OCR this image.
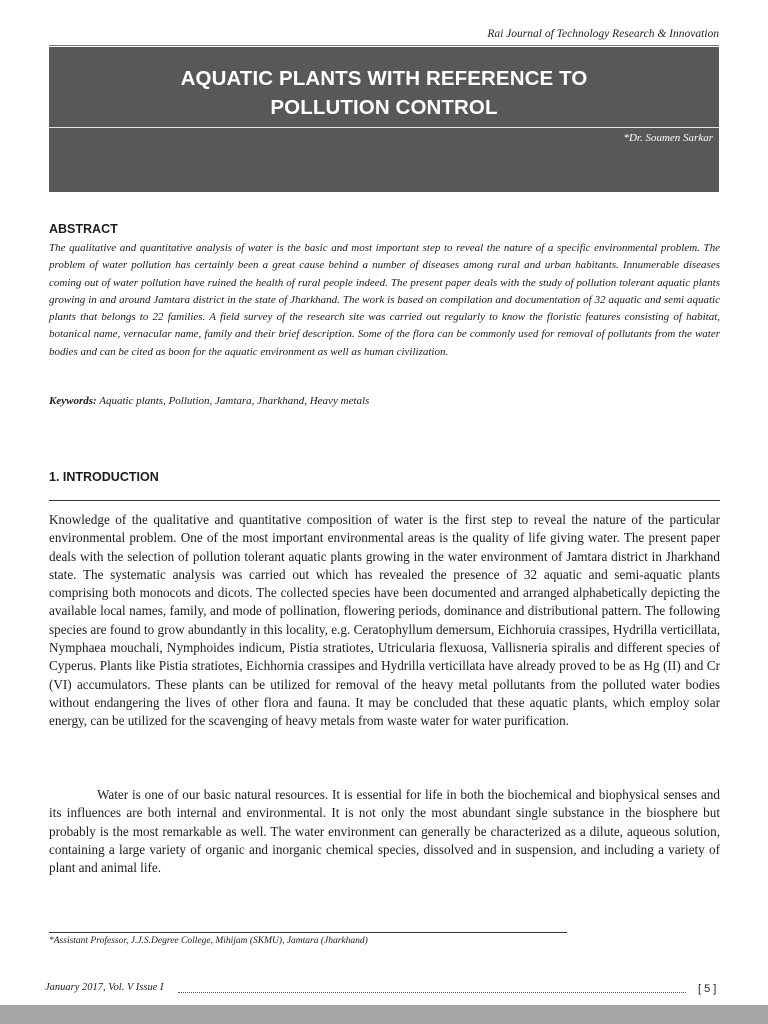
Rai Journal of Technology Research & Innovation
AQUATIC PLANTS WITH REFERENCE TO
POLLUTION CONTROL
*Dr. Soumen Sarkar
ABSTRACT

The qualitative and quantitative analysis of water is the basic and most important step to reveal the nature of a specific environmental problem. The problem of water pollution has certainly been a great cause behind a number of diseases among rural and urban habitants. Innumerable diseases coming out of water pollution have ruined the health of rural people indeed. The present paper deals with the study of pollution tolerant aquatic plants growing in and around Jamtara district in the state of Jharkhand. The work is based on compilation and documentation of 32 aquatic and semi aquatic plants that belongs to 22 families. A field survey of the research site was carried out regularly to know the floristic features consisting of habitat, botanical name, vernacular name, family and their brief description. Some of the flora can be commonly used for removal of pollutants from the water bodies and can be cited as boon for the aquatic environment as well as human civilization.

Keywords: Aquatic plants, Pollution, Jamtara, Jharkhand, Heavy metals
1. INTRODUCTION

Knowledge of the qualitative and quantitative composition of water is the first step to reveal the nature of the particular environmental problem. One of the most important environmental areas is the quality of life giving water. The present paper deals with the selection of pollution tolerant aquatic plants growing in the water environment of Jamtara district in Jharkhand state. The systematic analysis was carried out which has revealed the presence of 32 aquatic and semi-aquatic plants comprising both monocots and dicots. The collected species have been documented and arranged alphabetically depicting the available local names, family, and mode of pollination, flowering periods, dominance and distributional pattern. The following species are found to grow abundantly in this locality, e.g. Ceratophyllum demersum, Eichhoruia crassipes, Hydrilla verticillata, Nymphaea mouchali, Nymphoides indicum, Pistia stratiotes, Utricularia flexuosa, Vallisneria spiralis and different species of Cyperus. Plants like Pistia stratiotes, Eichhornia crassipes and Hydrilla verticillata have already proved to be as Hg (II) and Cr (VI) accumulators. These plants can be utilized for removal of the heavy metal pollutants from the polluted water bodies without endangering the lives of other flora and fauna. It may be concluded that these aquatic plants, which employ solar energy, can be utilized for the scavenging of heavy metals from waste water for water purification.

Water is one of our basic natural resources. It is essential for life in both the biochemical and biophysical senses and its influences are both internal and environmental. It is not only the most abundant single substance in the biosphere but probably is the most remarkable as well. The water environment can generally be characterized as a dilute, aqueous solution, containing a large variety of organic and inorganic chemical species, dissolved and in suspension, and including a variety of plant and animal life.

*Assistant Professor, J.J.S.Degree College, Mihijam (SKMU), Jamtara (Jharkhand)
January 2017, Vol. V Issue I	[ 5 ]
